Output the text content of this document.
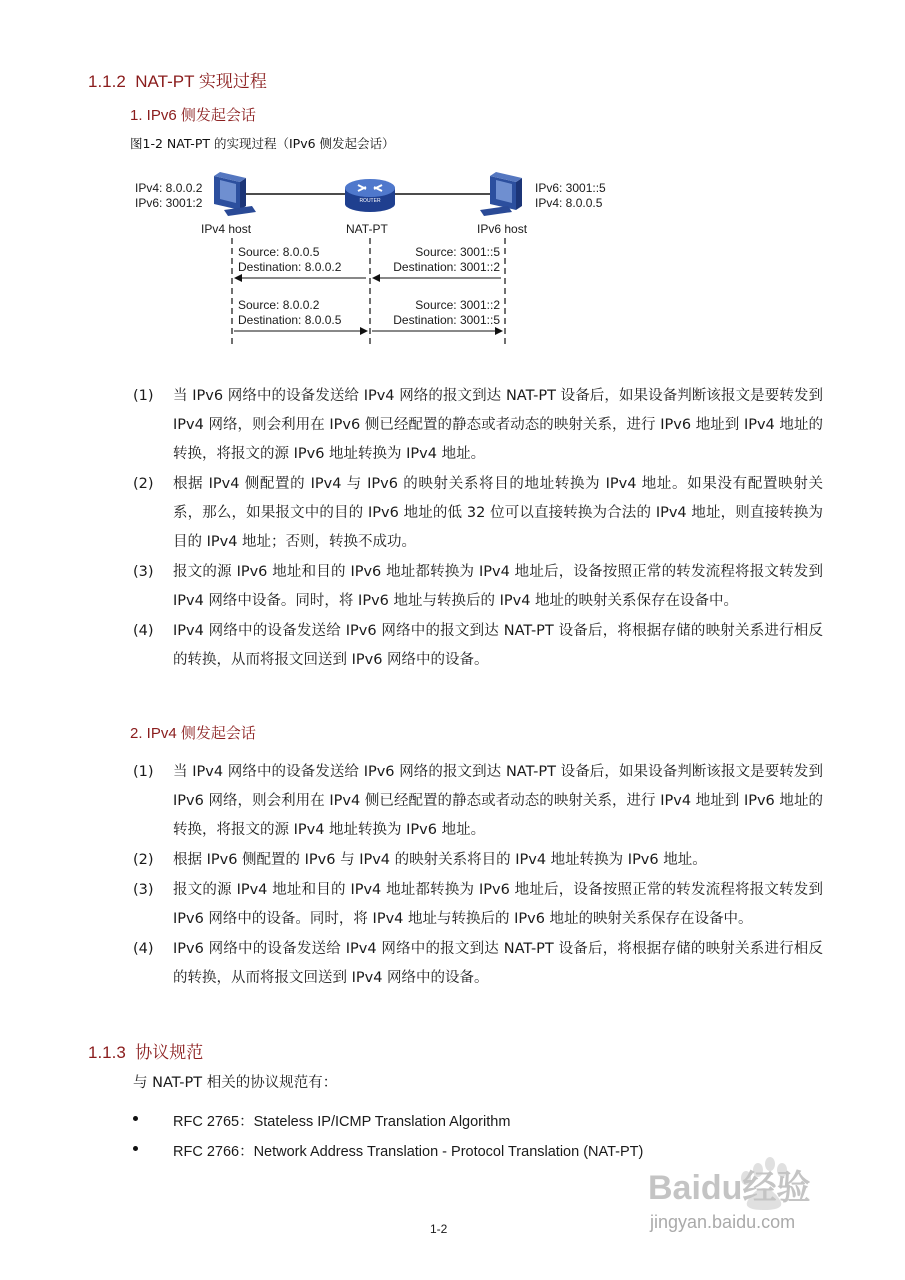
1.1.2 NAT-PT 实现过程
1. IPv6 侧发起会话
图1-2 NAT-PT 的实现过程（IPv6 侧发起会话）
ROUTER
IPv4: 8.0.0.2
IPv6: 3001:2
IPv4 host	NAT-PT
IPv6: 3001::5
IPv4: 8.0.0.5
IPv6 host
Source: 8.0.0.5
Destination: 8.0.0.2
Source: 3001::5
Destination: 3001::2
Source: 8.0.0.2
Destination: 8.0.0.5
Source: 3001::2
Destination: 3001::5
(1) 当 IPv6 网络中的设备发送给 IPv4 网络的报文到达 NAT-PT 设备后，如果设备判断该报文是要转发到 IPv4 网络，则会利用在 IPv6 侧已经配置的静态或者动态的映射关系，进行 IPv6 地址到 IPv4 地址的转换，将报文的源 IPv6 地址转换为 IPv4 地址。
(2) 根据 IPv4 侧配置的 IPv4 与 IPv6 的映射关系将目的地址转换为 IPv4 地址。如果没有配置映射关系，那么，如果报文中的目的 IPv6 地址的低 32 位可以直接转换为合法的 IPv4 地址，则直接转换为目的 IPv4 地址；否则，转换不成功。
(3) 报文的源 IPv6 地址和目的 IPv6 地址都转换为 IPv4 地址后，设备按照正常的转发流程将报文转发到 IPv4 网络中设备。同时，将 IPv6 地址与转换后的 IPv4 地址的映射关系保存在设备中。
(4) IPv4 网络中的设备发送给 IPv6 网络中的报文到达 NAT-PT 设备后，将根据存储的映射关系进行相反的转换，从而将报文回送到 IPv6 网络中的设备。
2. IPv4 侧发起会话
(1) 当 IPv4 网络中的设备发送给 IPv6 网络的报文到达 NAT-PT 设备后，如果设备判断该报文是要转发到 IPv6 网络，则会利用在 IPv4 侧已经配置的静态或者动态的映射关系，进行 IPv4 地址到 IPv6 地址的转换，将报文的源 IPv4 地址转换为 IPv6 地址。
(2) 根据 IPv6 侧配置的 IPv6 与 IPv4 的映射关系将目的 IPv4 地址转换为 IPv6 地址。
(3) 报文的源 IPv4 地址和目的 IPv4 地址都转换为 IPv6 地址后，设备按照正常的转发流程将报文转发到 IPv6 网络中的设备。同时，将 IPv4 地址与转换后的 IPv6 地址的映射关系保存在设备中。
(4) IPv6 网络中的设备发送给 IPv4 网络中的报文到达 NAT-PT 设备后，将根据存储的映射关系进行相反的转换，从而将报文回送到 IPv4 网络中的设备。
1.1.3 协议规范
与 NAT-PT 相关的协议规范有：
RFC 2765：Stateless IP/ICMP Translation Algorithm
RFC 2766：Network Address Translation - Protocol Translation (NAT-PT)
Baidu经验
jingyan.baidu.com
1-2
